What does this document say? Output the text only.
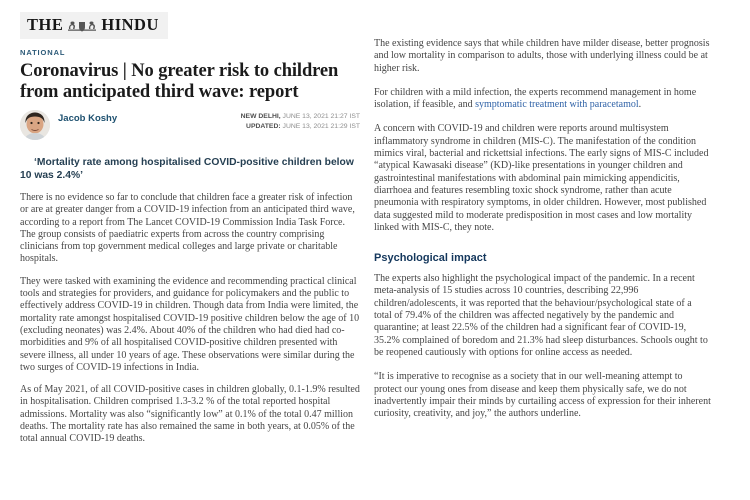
THE HINDU
NATIONAL
Coronavirus | No greater risk to children from anticipated third wave: report
Jacob Koshy	NEW DELHI, JUNE 13, 2021 21:27 IST
UPDATED: JUNE 13, 2021 21:29 IST
‘Mortality rate among hospitalised COVID-positive children below 10 was 2.4%’

There is no evidence so far to conclude that children face a greater risk of infection or are at greater danger from a COVID-19 infection from an anticipated third wave, according to a report from The Lancet COVID-19 Commission India Task Force. The group consists of paediatric experts from across the country comprising clinicians from top government medical colleges and large private or charitable hospitals.

They were tasked with examining the evidence and recommending practical clinical tools and strategies for providers, and guidance for policymakers and the public to effectively address COVID-19 in children. Though data from India were limited, the mortality rate amongst hospitalised COVID-19 positive children below the age of 10 (excluding neonates) was 2.4%. About 40% of the children who had died had co-morbidities and 9% of all hospitalised COVID-positive children presented with severe illness, all under 10 years of age. These observations were similar during the two surges of COVID-19 infections in India.

As of May 2021, of all COVID-positive cases in children globally, 0.1-1.9% resulted in hospitalisation. Children comprised 1.3-3.2 % of the total reported hospital admissions. Mortality was also “significantly low” at 0.1% of the total 0.47 million deaths. The mortality rate has also remained the same in both years, at 0.05% of the total annual COVID-19 deaths.

The existing evidence says that while children have milder disease, better prognosis and low mortality in comparison to adults, those with underlying illness could be at higher risk.

For children with a mild infection, the experts recommend management in home isolation, if feasible, and symptomatic treatment with paracetamol.

A concern with COVID-19 and children were reports around multisystem inflammatory syndrome in children (MIS-C). The manifestation of the condition mimics viral, bacterial and rickettsial infections. The early signs of MIS-C included “atypical Kawasaki disease” (KD)-like presentations in younger children and gastrointestinal manifestations with abdominal pain mimicking appendicitis, diarrhoea and features resembling toxic shock syndrome, rather than acute pneumonia with respiratory symptoms, in older children. However, most published data suggested mild to moderate predisposition in most cases and low mortality linked with MIS-C, they note.

Psychological impact

The experts also highlight the psychological impact of the pandemic. In a recent meta-analysis of 15 studies across 10 countries, describing 22,996 children/adolescents, it was reported that the behaviour/psychological state of a total of 79.4% of the children was affected negatively by the pandemic and quarantine; at least 22.5% of the children had a significant fear of COVID-19, 35.2% complained of boredom and 21.3% had sleep disturbances. Schools ought to be reopened cautiously with options for online access as needed.

“It is imperative to recognise as a society that in our well-meaning attempt to protect our young ones from disease and keep them physically safe, we do not inadvertently impair their minds by curtailing access of expression for their inherent curiosity, creativity, and joy,” the authors underline.
